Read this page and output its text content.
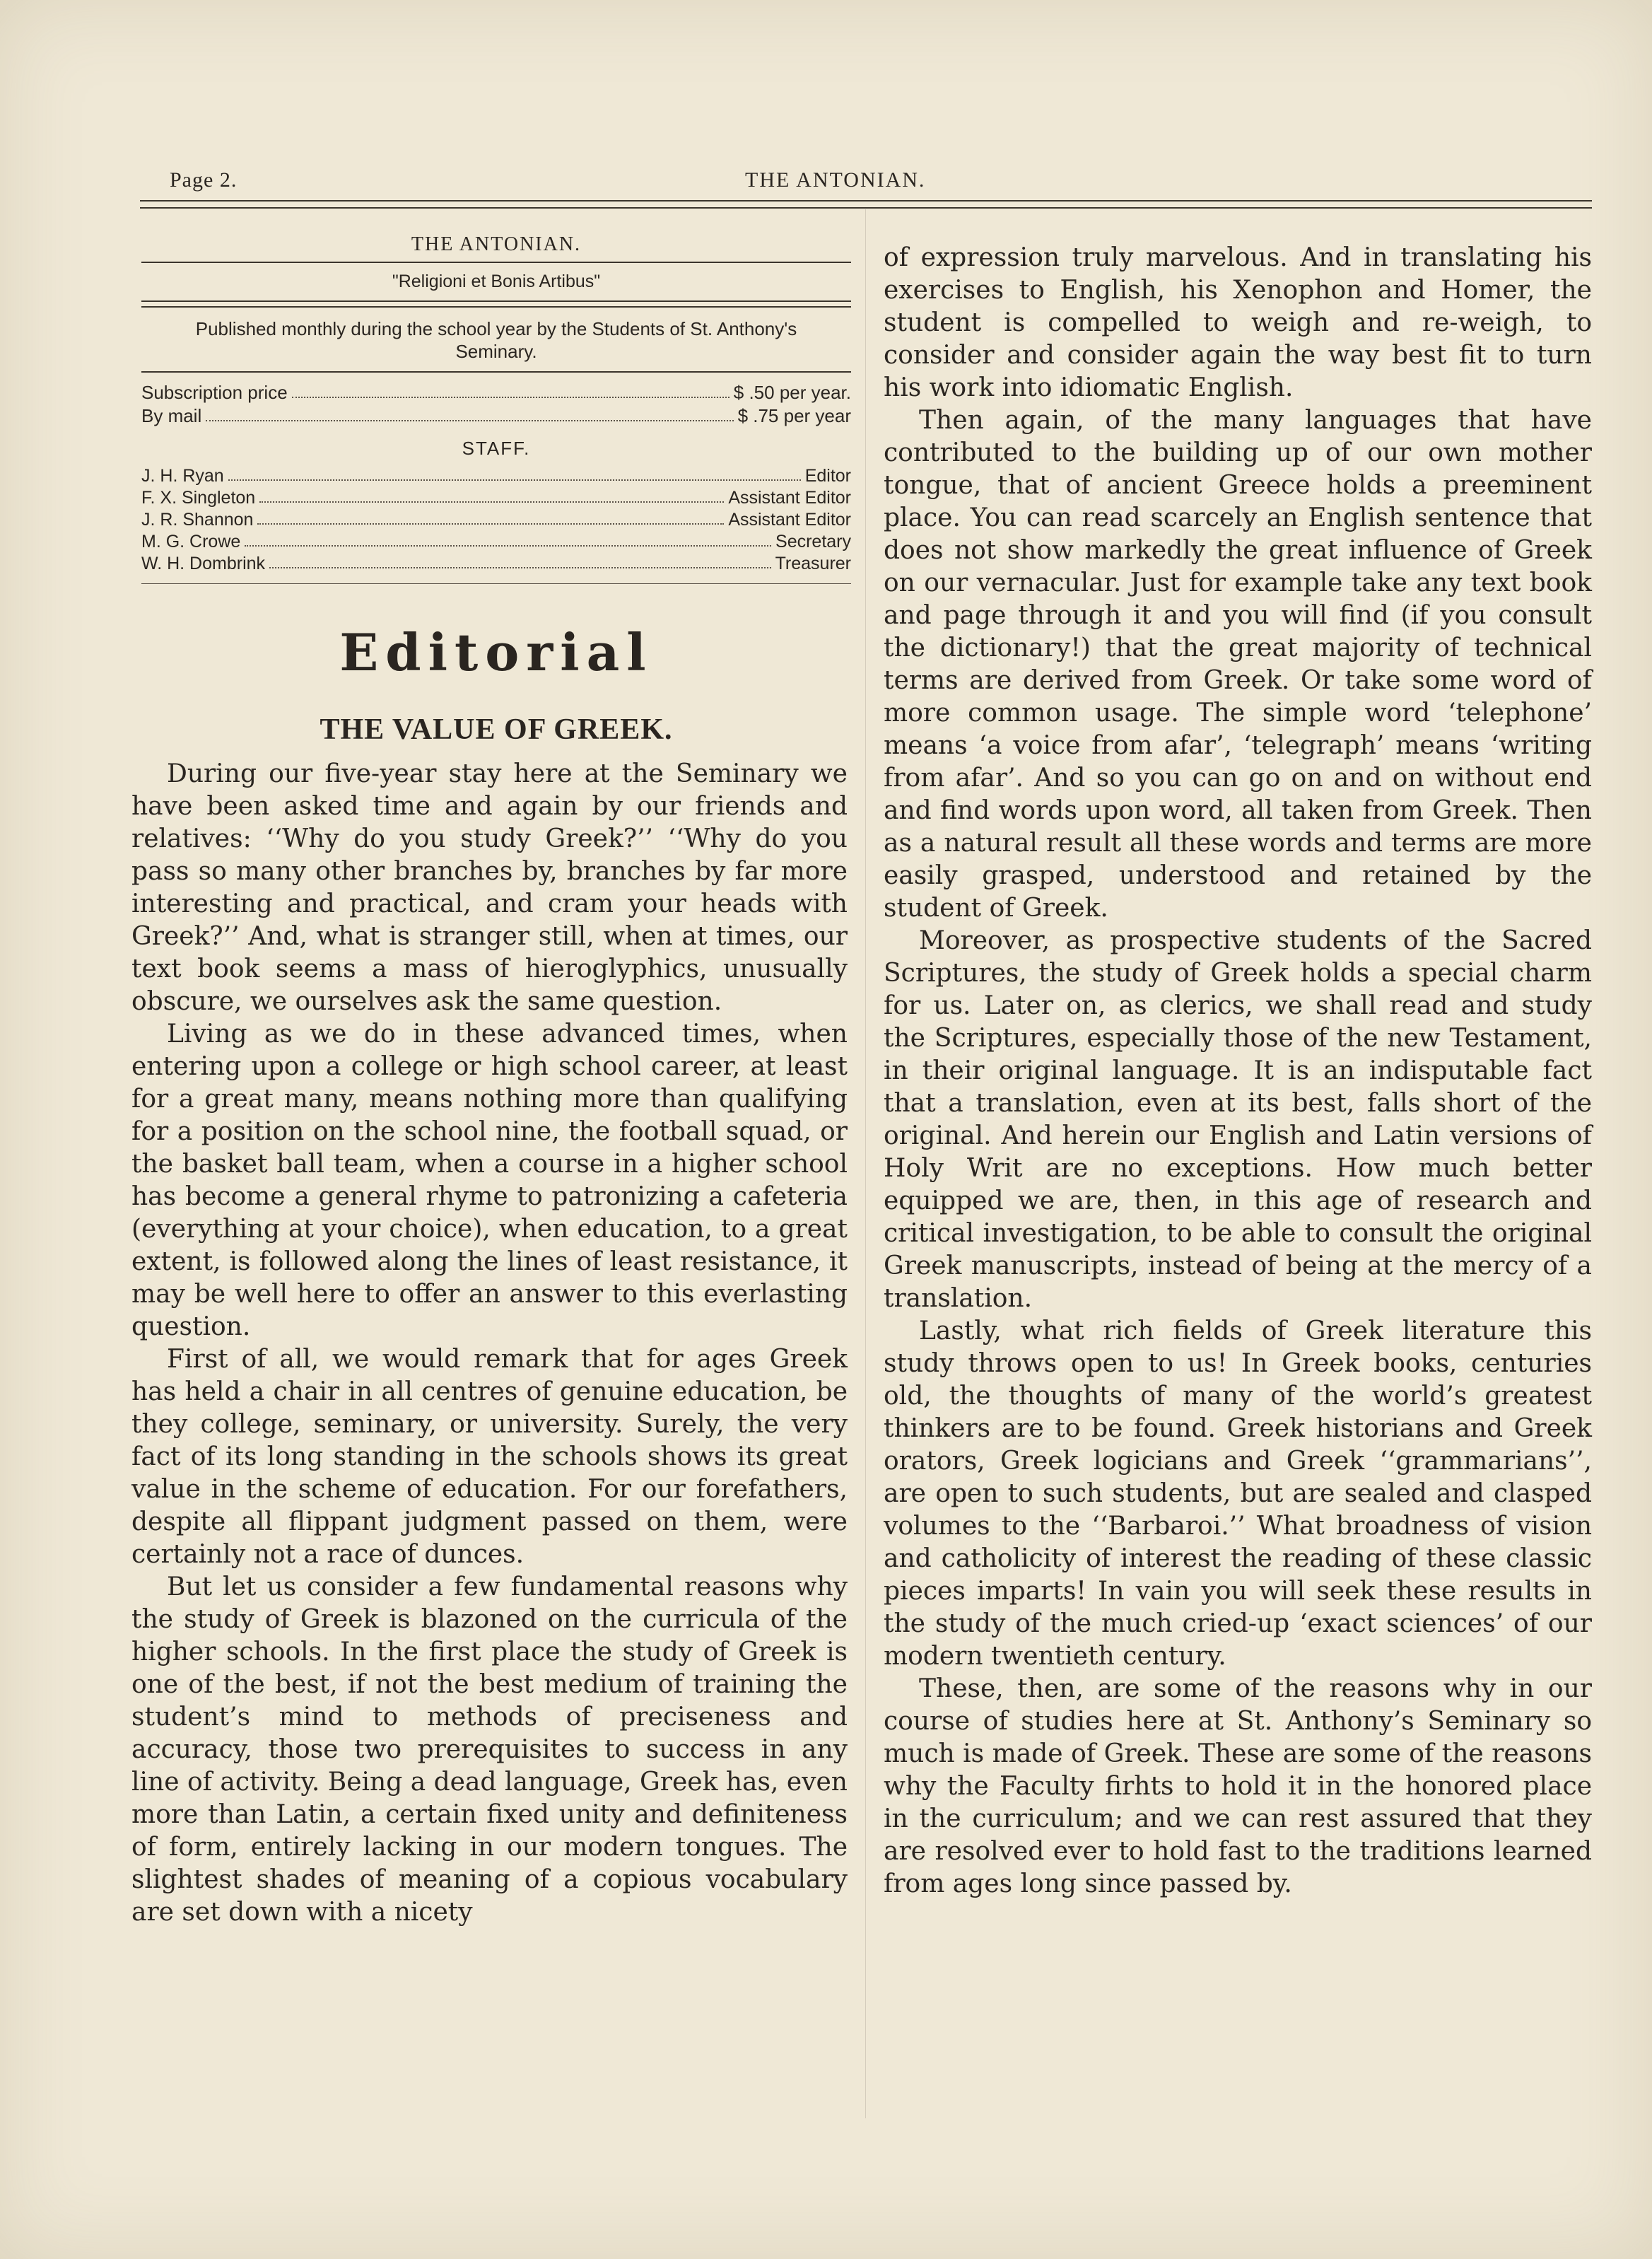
Page 2.	THE ANTONIAN.
THE ANTONIAN.
"Religioni et Bonis Artibus"
Published monthly during the school year by the Students of St. Anthony's Seminary.
Subscription price	$ .50 per year.
By mail	$ .75 per year
STAFF.
J. H. Ryan	Editor
F. X. Singleton	Assistant Editor
J. R. Shannon	Assistant Editor
M. G. Crowe	Secretary
W. H. Dombrink	Treasurer
Editorial
THE VALUE OF GREEK.

During our five-year stay here at the Seminary we have been asked time and again by our friends and relatives: ‘‘Why do you study Greek?’’ ‘‘Why do you pass so many other branches by, branches by far more interesting and practical, and cram your heads with Greek?’’ And, what is stranger still, when at times, our text book seems a mass of hieroglyphics, unusually obscure, we ourselves ask the same question.

Living as we do in these advanced times, when entering upon a college or high school career, at least for a great many, means nothing more than qualifying for a position on the school nine, the football squad, or the basket ball team, when a course in a higher school has become a general rhyme to patronizing a cafeteria (everything at your choice), when education, to a great extent, is followed along the lines of least resistance, it may be well here to offer an answer to this everlasting question.

First of all, we would remark that for ages Greek has held a chair in all centres of genuine education, be they college, seminary, or university. Surely, the very fact of its long standing in the schools shows its great value in the scheme of education. For our forefathers, despite all flippant judgment passed on them, were certainly not a race of dunces.

But let us consider a few fundamental reasons why the study of Greek is blazoned on the curricula of the higher schools. In the first place the study of Greek is one of the best, if not the best medium of training the student’s mind to methods of preciseness and accuracy, those two prerequisites to success in any line of activity. Being a dead language, Greek has, even more than Latin, a certain fixed unity and definiteness of form, entirely lacking in our modern tongues. The slightest shades of meaning of a copious vocabulary are set down with a nicety

of expression truly marvelous. And in translating his exercises to English, his Xenophon and Homer, the student is compelled to weigh and re-weigh, to consider and consider again the way best fit to turn his work into idiomatic English.

Then again, of the many languages that have contributed to the building up of our own mother tongue, that of ancient Greece holds a preeminent place. You can read scarcely an English sentence that does not show markedly the great influence of Greek on our vernacular. Just for example take any text book and page through it and you will find (if you consult the dictionary!) that the great majority of technical terms are derived from Greek. Or take some word of more common usage. The simple word ‘telephone’ means ‘a voice from afar’, ‘telegraph’ means ‘writing from afar’. And so you can go on and on without end and find words upon word, all taken from Greek. Then as a natural result all these words and terms are more easily grasped, understood and retained by the student of Greek.

Moreover, as prospective students of the Sacred Scriptures, the study of Greek holds a special charm for us. Later on, as clerics, we shall read and study the Scriptures, especially those of the new Testament, in their original language. It is an indisputable fact that a translation, even at its best, falls short of the original. And herein our English and Latin versions of Holy Writ are no exceptions. How much better equipped we are, then, in this age of research and critical investigation, to be able to consult the original Greek manuscripts, instead of being at the mercy of a translation.

Lastly, what rich fields of Greek literature this study throws open to us! In Greek books, centuries old, the thoughts of many of the world’s greatest thinkers are to be found. Greek historians and Greek orators, Greek logicians and Greek ‘‘grammarians’’, are open to such students, but are sealed and clasped volumes to the ‘‘Barbaroi.’’ What broadness of vision and catholicity of interest the reading of these classic pieces imparts! In vain you will seek these results in the study of the much cried-up ‘exact sciences’ of our modern twentieth century.

These, then, are some of the reasons why in our course of studies here at St. Anthony’s Seminary so much is made of Greek. These are some of the reasons why the Faculty firhts to hold it in the honored place in the curriculum; and we can rest assured that they are resolved ever to hold fast to the traditions learned from ages long since passed by.
